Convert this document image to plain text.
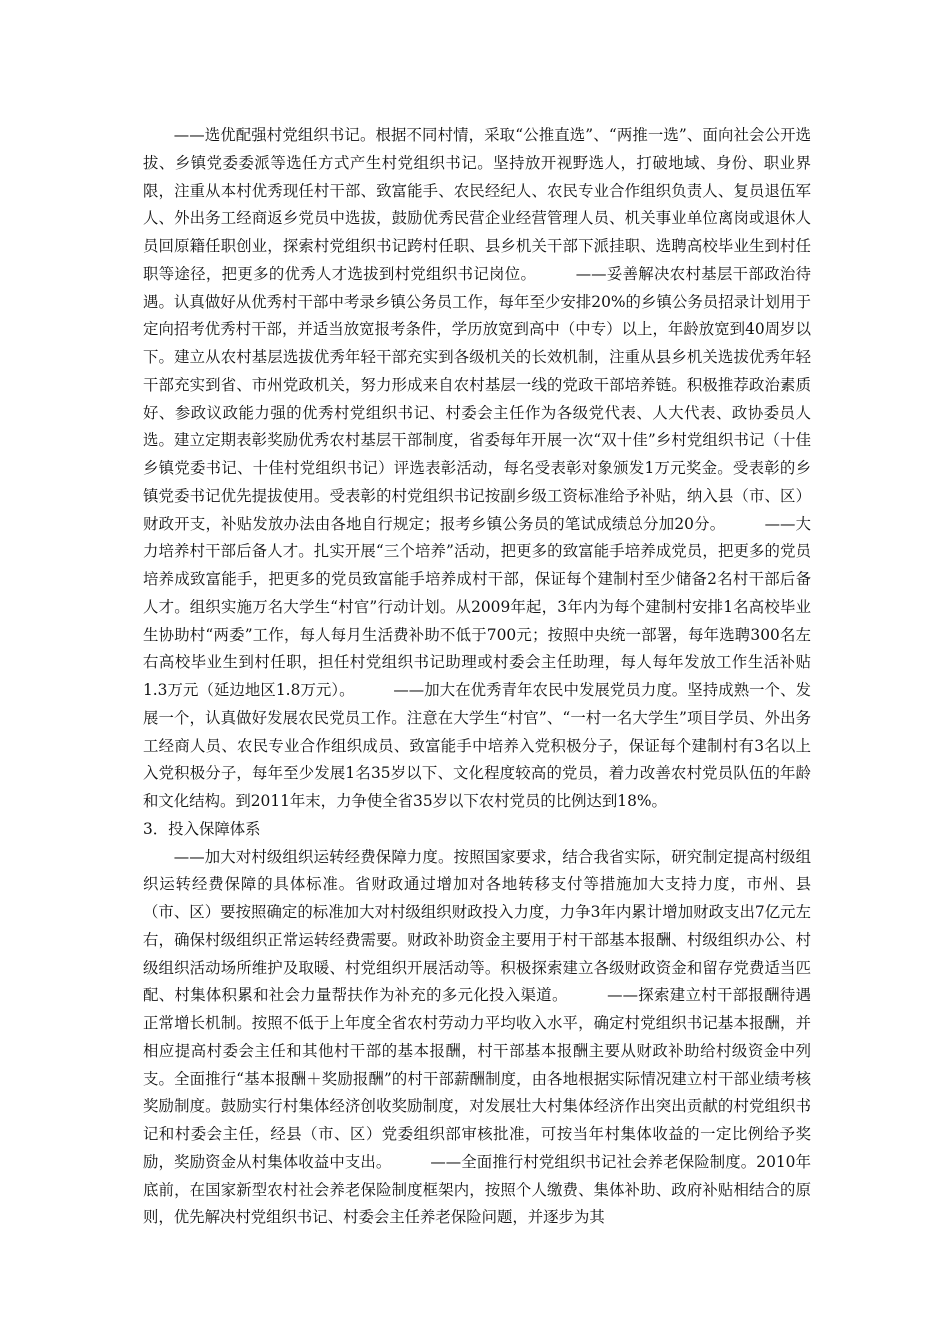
——选优配强村党组织书记。根据不同村情，采取“公推直选”、“两推一选”、面向社会公开选拔、乡镇党委委派等选任方式产生村党组织书记。坚持放开视野选人，打破地域、身份、职业界限，注重从本村优秀现任村干部、致富能手、农民经纪人、农民专业合作组织负责人、复员退伍军人、外出务工经商返乡党员中选拔，鼓励优秀民营企业经营管理人员、机关事业单位离岗或退休人员回原籍任职创业，探索村党组织书记跨村任职、县乡机关干部下派挂职、选聘高校毕业生到村任职等途径，把更多的优秀人才选拔到村党组织书记岗位。　　　——妥善解决农村基层干部政治待遇。认真做好从优秀村干部中考录乡镇公务员工作，每年至少安排20%的乡镇公务员招录计划用于定向招考优秀村干部，并适当放宽报考条件，学历放宽到高中（中专）以上，年龄放宽到40周岁以下。建立从农村基层选拔优秀年轻干部充实到各级机关的长效机制，注重从县乡机关选拔优秀年轻干部充实到省、市州党政机关，努力形成来自农村基层一线的党政干部培养链。积极推荐政治素质好、参政议政能力强的优秀村党组织书记、村委会主任作为各级党代表、人大代表、政协委员人选。建立定期表彰奖励优秀农村基层干部制度，省委每年开展一次“双十佳”乡村党组织书记（十佳乡镇党委书记、十佳村党组织书记）评选表彰活动，每名受表彰对象颁发1万元奖金。受表彰的乡镇党委书记优先提拔使用。受表彰的村党组织书记按副乡级工资标准给予补贴，纳入县（市、区）财政开支，补贴发放办法由各地自行规定；报考乡镇公务员的笔试成绩总分加20分。　　　——大力培养村干部后备人才。扎实开展“三个培养”活动，把更多的致富能手培养成党员，把更多的党员培养成致富能手，把更多的党员致富能手培养成村干部，保证每个建制村至少储备2名村干部后备人才。组织实施万名大学生“村官”行动计划。从2009年起，3年内为每个建制村安排1名高校毕业生协助村“两委”工作，每人每月生活费补助不低于700元；按照中央统一部署，每年选聘300名左右高校毕业生到村任职，担任村党组织书记助理或村委会主任助理，每人每年发放工作生活补贴1.3万元（延边地区1.8万元）。　　　——加大在优秀青年农民中发展党员力度。坚持成熟一个、发展一个，认真做好发展农民党员工作。注意在大学生“村官”、“一村一名大学生”项目学员、外出务工经商人员、农民专业合作组织成员、致富能手中培养入党积极分子，保证每个建制村有3名以上入党积极分子，每年至少发展1名35岁以下、文化程度较高的党员，着力改善农村党员队伍的年龄和文化结构。到2011年末，力争使全省35岁以下农村党员的比例达到18%。

3．投入保障体系

——加大对村级组织运转经费保障力度。按照国家要求，结合我省实际，研究制定提高村级组织运转经费保障的具体标准。省财政通过增加对各地转移支付等措施加大支持力度，市州、县（市、区）要按照确定的标准加大对村级组织财政投入力度，力争3年内累计增加财政支出7亿元左右，确保村级组织正常运转经费需要。财政补助资金主要用于村干部基本报酬、村级组织办公、村级组织活动场所维护及取暖、村党组织开展活动等。积极探索建立各级财政资金和留存党费适当匹配、村集体积累和社会力量帮扶作为补充的多元化投入渠道。　　　——探索建立村干部报酬待遇正常增长机制。按照不低于上年度全省农村劳动力平均收入水平，确定村党组织书记基本报酬，并相应提高村委会主任和其他村干部的基本报酬，村干部基本报酬主要从财政补助给村级资金中列支。全面推行“基本报酬＋奖励报酬”的村干部薪酬制度，由各地根据实际情况建立村干部业绩考核奖励制度。鼓励实行村集体经济创收奖励制度，对发展壮大村集体经济作出突出贡献的村党组织书记和村委会主任，经县（市、区）党委组织部审核批准，可按当年村集体收益的一定比例给予奖励，奖励资金从村集体收益中支出。　　　——全面推行村党组织书记社会养老保险制度。2010年底前，在国家新型农村社会养老保险制度框架内，按照个人缴费、集体补助、政府补贴相结合的原则，优先解决村党组织书记、村委会主任养老保险问题，并逐步为其
